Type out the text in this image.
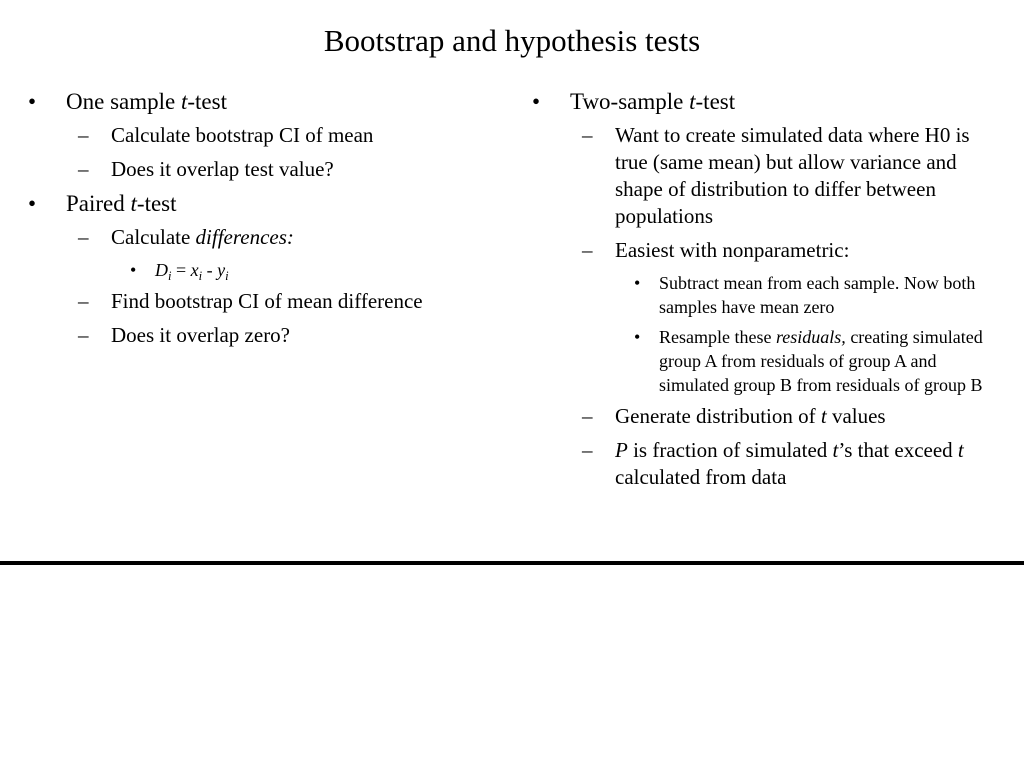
Bootstrap and hypothesis tests
• One sample t-test
– Calculate bootstrap CI of mean
– Does it overlap test value?
• Paired t-test
– Calculate differences:
• $D_i = x_i - y_i$
– Find bootstrap CI of mean difference
– Does it overlap zero?
• Two-sample t-test
– Want to create simulated data where H0 is true (same mean) but allow variance and shape of distribution to differ between populations
– Easiest with nonparametric:
• Subtract mean from each sample. Now both samples have mean zero
• Resample these residuals, creating simulated group A from residuals of group A and simulated group B from residuals of group B
– Generate distribution of t values
– P is fraction of simulated t’s that exceed t calculated from data
